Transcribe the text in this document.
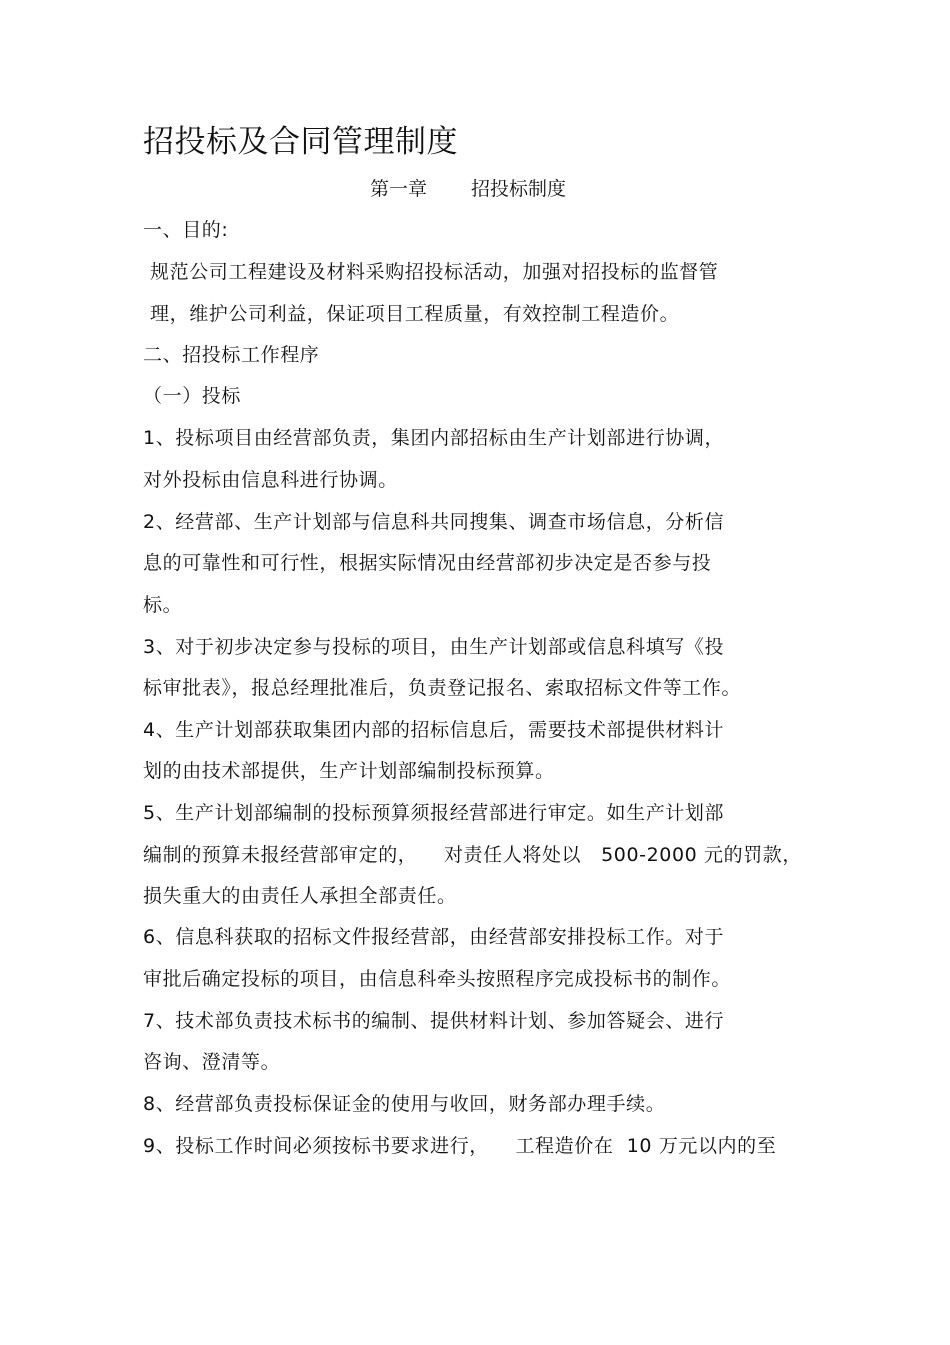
招投标及合同管理制度
第一章 招投标制度
一、目的:
规范公司工程建设及材料采购招投标活动，加强对招投标的监督管
理，维护公司利益，保证项目工程质量，有效控制工程造价。
二、招投标工作程序
（一）投标
1、投标项目由经营部负责，集团内部招标由生产计划部进行协调，
对外投标由信息科进行协调。
2、经营部、生产计划部与信息科共同搜集、调查市场信息，分析信
息的可靠性和可行性，根据实际情况由经营部初步决定是否参与投
标。
3、对于初步决定参与投标的项目，由生产计划部或信息科填写《投
标审批表》，报总经理批准后，负责登记报名、索取招标文件等工作。
4、生产计划部获取集团内部的招标信息后，需要技术部提供材料计
划的由技术部提供，生产计划部编制投标预算。
5、生产计划部编制的投标预算须报经营部进行审定。如生产计划部
编制的预算未报经营部审定的，    对责任人将处以   500-2000 元的罚款，
损失重大的由责任人承担全部责任。
6、信息科获取的招标文件报经营部，由经营部安排投标工作。对于
审批后确定投标的项目，由信息科牵头按照程序完成投标书的制作。
7、技术部负责技术标书的编制、提供材料计划、参加答疑会、进行
咨询、澄清等。
8、经营部负责投标保证金的使用与收回，财务部办理手续。
9、投标工作时间必须按标书要求进行，    工程造价在  10 万元以内的至
